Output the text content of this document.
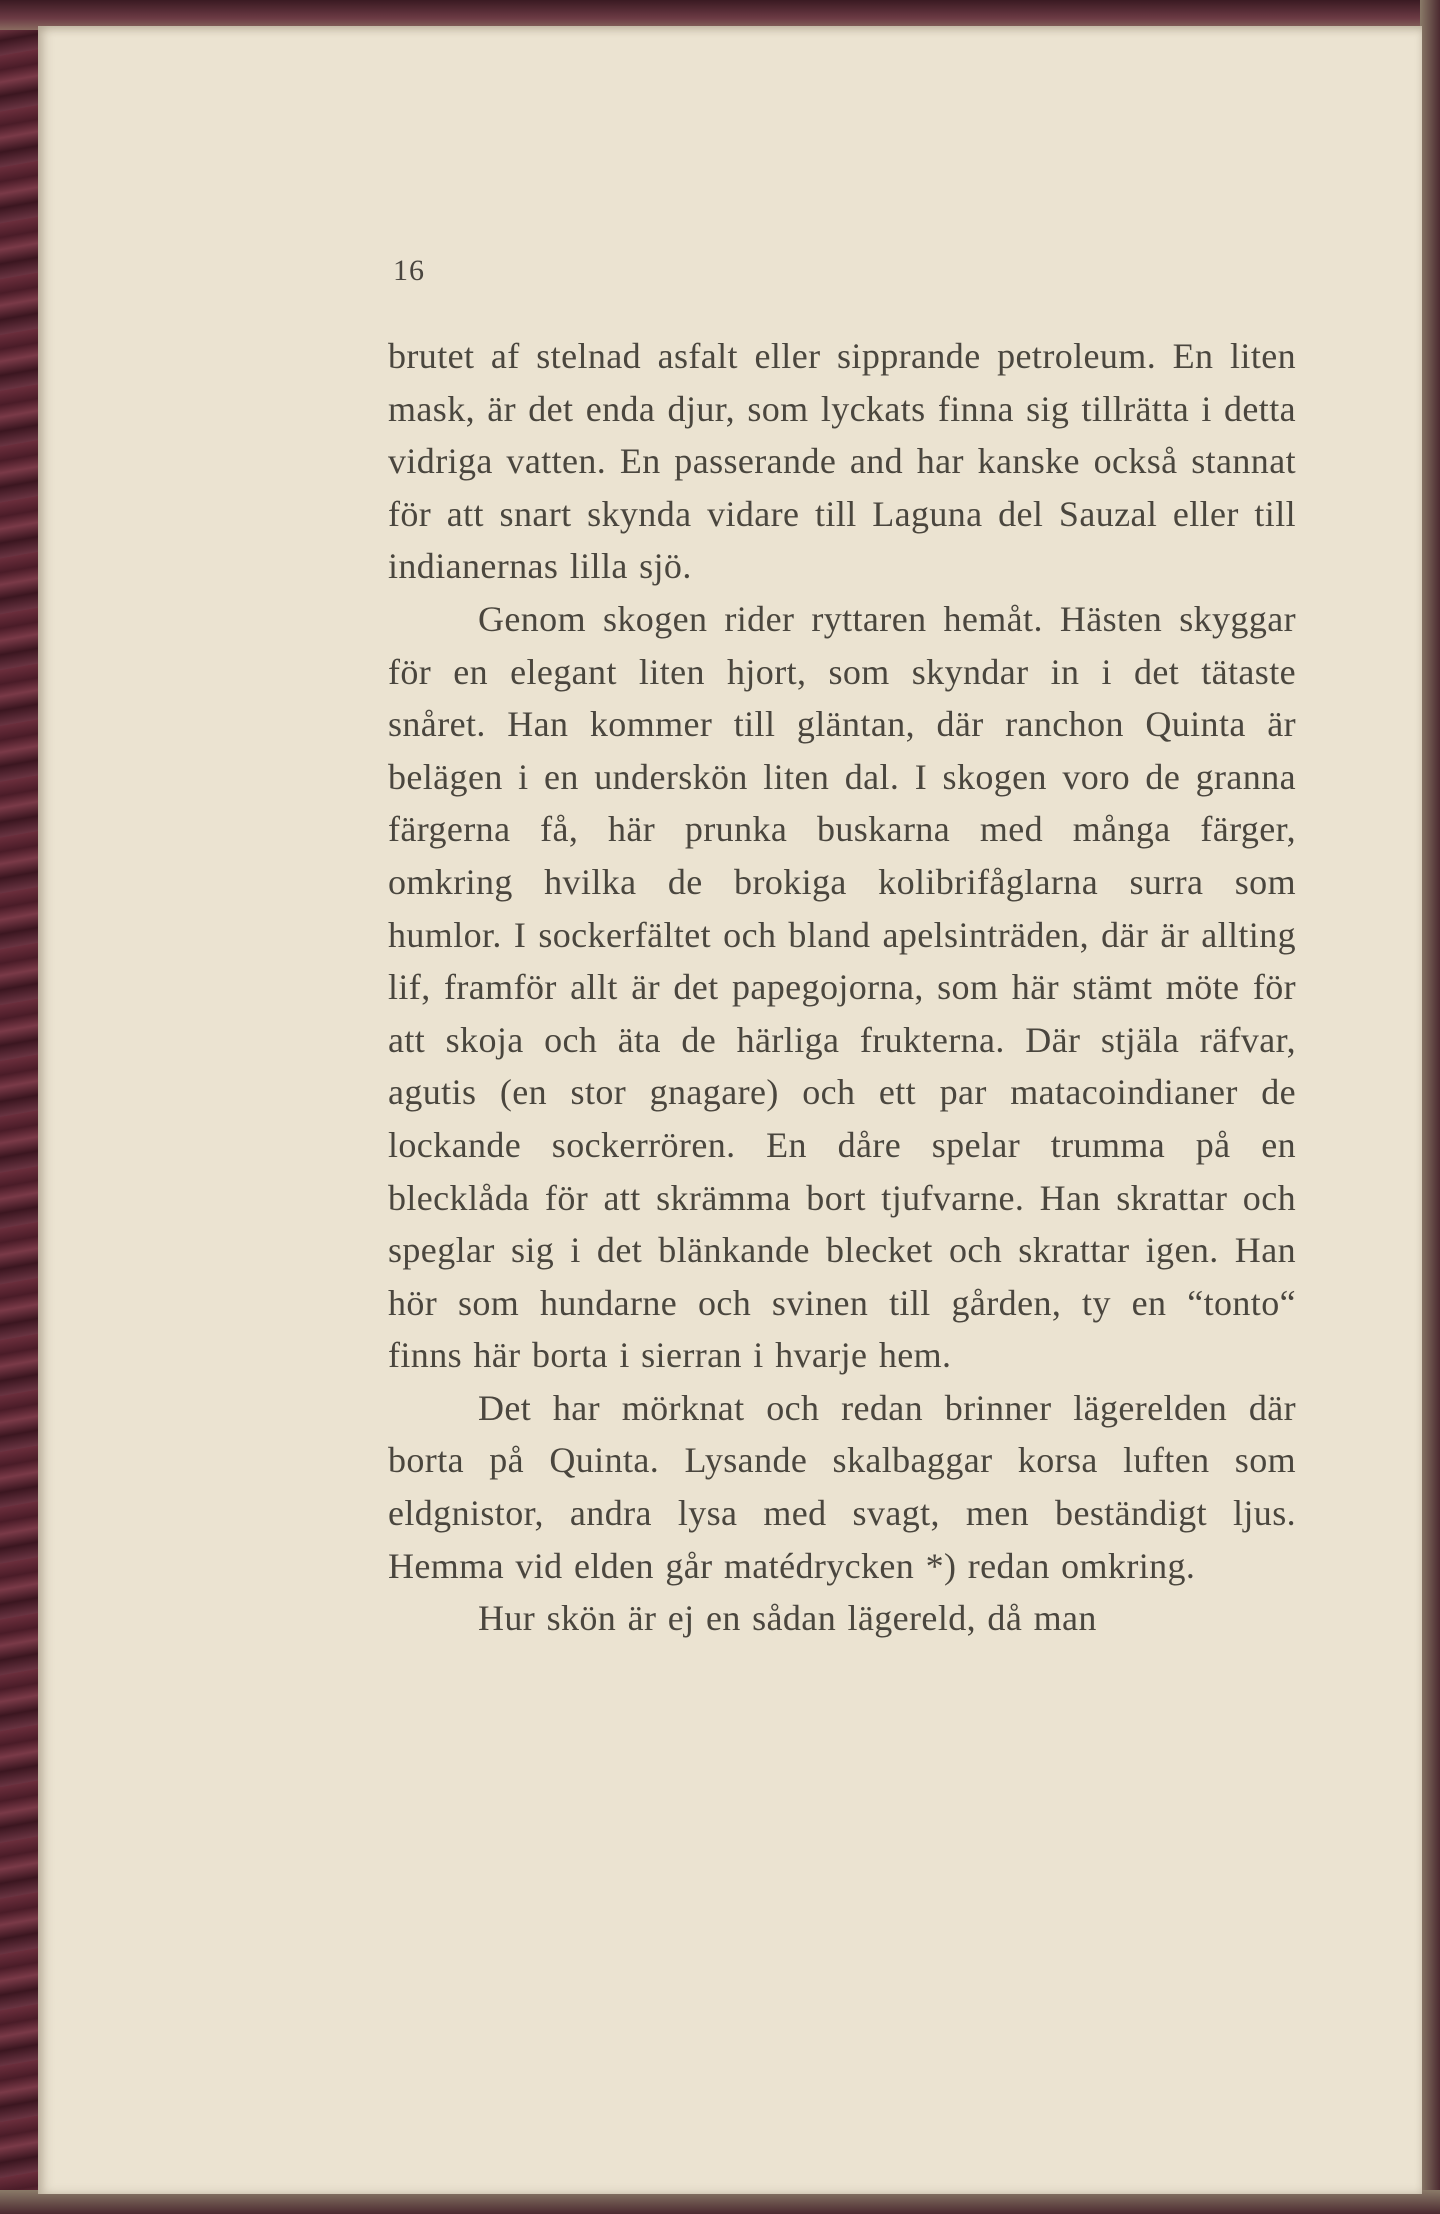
16

brutet af stelnad asfalt eller sipprande petroleum. En liten mask, är det enda djur, som lyckats finna sig tillrätta i detta vidriga vatten. En passerande and har kanske också stannat för att snart skynda vidare till Laguna del Sauzal eller till indianernas lilla sjö.

Genom skogen rider ryttaren hemåt. Hästen skyggar för en elegant liten hjort, som skyndar in i det tätaste snåret. Han kommer till gläntan, där ranchon Quinta är belägen i en underskön liten dal. I skogen voro de granna färgerna få, här prunka buskarna med många färger, omkring hvilka de brokiga kolibrifåglarna surra som humlor. I sockerfältet och bland apelsinträden, där är allting lif, framför allt är det papegojorna, som här stämt möte för att skoja och äta de härliga frukterna. Där stjäla räfvar, agutis (en stor gnagare) och ett par matacoindianer de lockande sockerrören. En dåre spelar trumma på en blecklåda för att skrämma bort tjufvarne. Han skrattar och speglar sig i det blänkande blecket och skrattar igen. Han hör som hundarne och svinen till gården, ty en “tonto“ finns här borta i sierran i hvarje hem.

Det har mörknat och redan brinner lägerelden där borta på Quinta. Lysande skalbaggar korsa luften som eldgnistor, andra lysa med svagt, men beständigt ljus. Hemma vid elden går matédrycken *) redan omkring.

Hur skön är ej en sådan lägereld, då man
